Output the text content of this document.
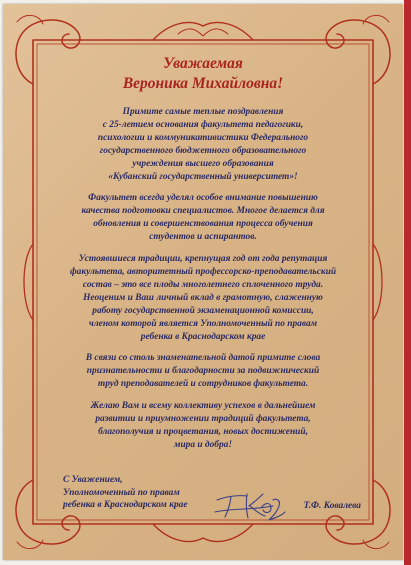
Уважаемая
Вероника Михайловна!

Примите самые теплые поздравления
с 25-летием основания факультета педагогики,
психологии и коммуникативистики Федерального
государственного бюджетного образовательного
учреждения высшего образования
«Кубанский государственный университет»!

Факультет всегда уделял особое внимание повышению
качества подготовки специалистов. Многое делается для
обновления и совершенствования процесса обучения
студентов и аспирантов.

Устоявшиеся традиции, крепнущая год от года репутация
факультета, авторитетный профессорско-преподавательский
состав – это все плоды многолетнего сплоченного труда.
Неоценим и Ваш личный вклад в грамотную, слаженную
работу государственной экзаменационной комиссии,
членом которой является Уполномоченный по правам
ребенка в Краснодарском крае

В связи со столь знаменательной датой примите слова
признательности и благодарности за подвижнический
труд преподавателей и сотрудников факультета.

Желаю Вам и всему коллективу успехов в дальнейшем
развитии и приумножении традиций факультета,
благополучия и процветания, новых достижений,
мира и добра!

С Уважением,
Уполномоченный по правам
ребенка в Краснодарском крае	Т.Ф. Ковалева
